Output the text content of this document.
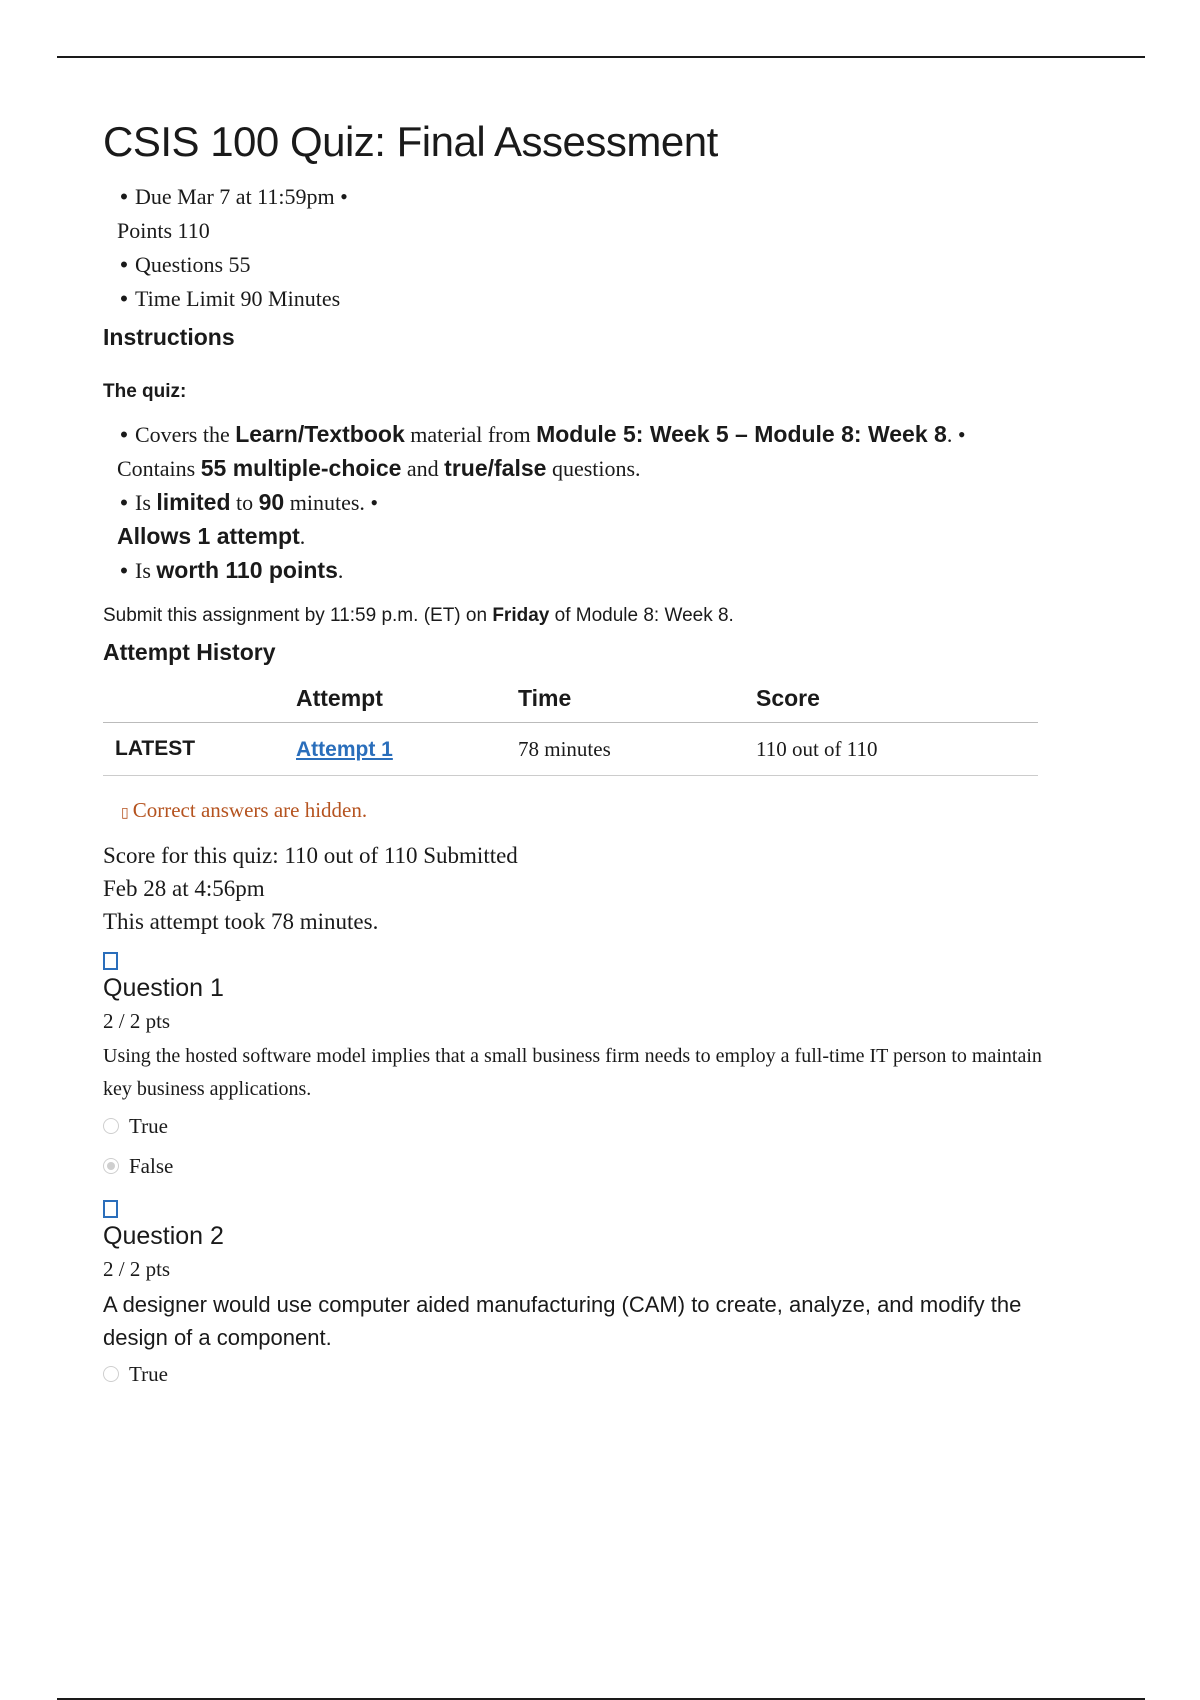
CSIS 100 Quiz: Final Assessment
• Due Mar 7 at 11:59pm •
Points 110
• Questions 55
• Time Limit 90 Minutes
Instructions
The quiz:
• Covers the Learn/Textbook material from Module 5: Week 5 – Module 8: Week 8. •
Contains 55 multiple-choice and true/false questions.
• Is limited to 90 minutes. •
Allows 1 attempt.
• Is worth 110 points.
Submit this assignment by 11:59 p.m. (ET) on Friday of Module 8: Week 8.
Attempt History
	Attempt	Time	Score
LATEST	Attempt 1	78 minutes	110 out of 110
▯ Correct answers are hidden.
Score for this quiz: 110 out of 110 Submitted
Feb 28 at 4:56pm
This attempt took 78 minutes.
Question 1
2 / 2 pts
Using the hosted software model implies that a small business firm needs to employ a full-time IT person to maintain key business applications.
True
False
Question 2
2 / 2 pts
A designer would use computer aided manufacturing (CAM) to create, analyze, and modify the design of a component.
True
